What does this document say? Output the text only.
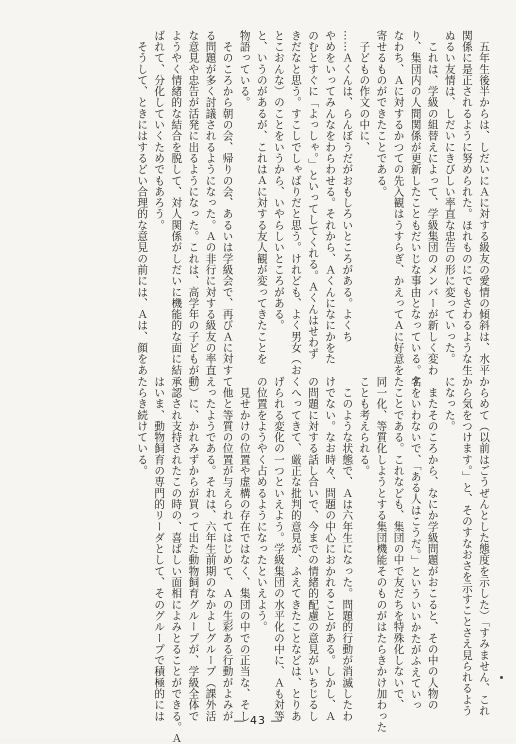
　五年生後半からは、しだいにＡに対する級友の愛情の傾斜は、水平
関係に是正されるように努められた。ほれものにでもさわるような生
ぬるい友情は、しだいにきびしい率直な忠告の形に変っていった。
　これは、学級の組替えによって、学級集団のメンバーが新しく変わ
り、集団内の人間関係が更新したこともだいじな事由となっている。す
なわち、Ａに対するかつての先入観はうすらぎ、かえってＡに好意を
寄せるものができたことである。
　子どもの作文の中に、
……Ａくんは、らんぼうだがおもしろいところがある。よくち
やめをいってみんなをわらわせる。それから、Ａくんになにかをた
のむとすぐに「よっしゃ。」といってしてくれる。Ａくんはせわず
きだなと思う。すこしでしゃばりだと思う。けれども、よく男女（お
とこおんな）のことをいうから、いやらしいところがある。
と、いうのがあるが、これはＡに対する友人観が変ってきたことを
物語っている。
　そのころから朝の会、帰りの会、あるいは学級会で、再びＡに対す
る問題が多く討議されるようになった。Ａの非行に対する級友の率直
な意見や忠告が活発に出るようになった。これは、高学年の子どもが、
ようやく情緒的な結合を脱して、対人関係がしだいに機能的な面に結
ばれて、分化していくためでもあろう。
　そうして、ときにはするどい合理的な意見の前には、Ａは、顔をあ
からめて（以前はごうぜんとした態度を示した）「すみません、これ
から気をつけます。」と、そのすなおさを示すことさえ見られるよう
になった。
　またそのころから、なにか学級問題がおこると、その中の人物の
名をいわないで、「ある人はこうだ。」といういいかたがふえていっ
たことである。これなども、集団の中で友だちを特殊化しないで、
同一化、等質化しようとする集団機能そのものがはたらきかけ加わった
ことも考えられる。
　このような状態で、Ａは六年生になった。問題的行動が消滅したわ
けでない。なお時々、問題の中心におかれることがある。しかし、Ａ
の問題に対する話し合いで、今までの情緒的配慮の意見がいちじるし
くへってきて、厳正な批判的意見が、ふえてきたことなどは、とりあ
げられる変化の一つといえよう。学級集団の水平化の中に、Ａも対等
の位置をようやく占めるようになったといえよう。
　見せかけの位置や虚構の存在ではなく、集団の中での正当な、そし
て他と等質の位置が与えられてはじめて、Ａの生彩ある行動がよみが
えったようである。それは、六年生前期のなかよしグループ（課外活
動）に、かれみずからが買って出た動物飼育グループが、学級全体で
承認され支持されたこの時の、喜ばしい面相によみとることができる。Ａ
はいま、動物飼育の専門的リーダとして、そのグループで積極的には
たらき続けている。
— 43 —
